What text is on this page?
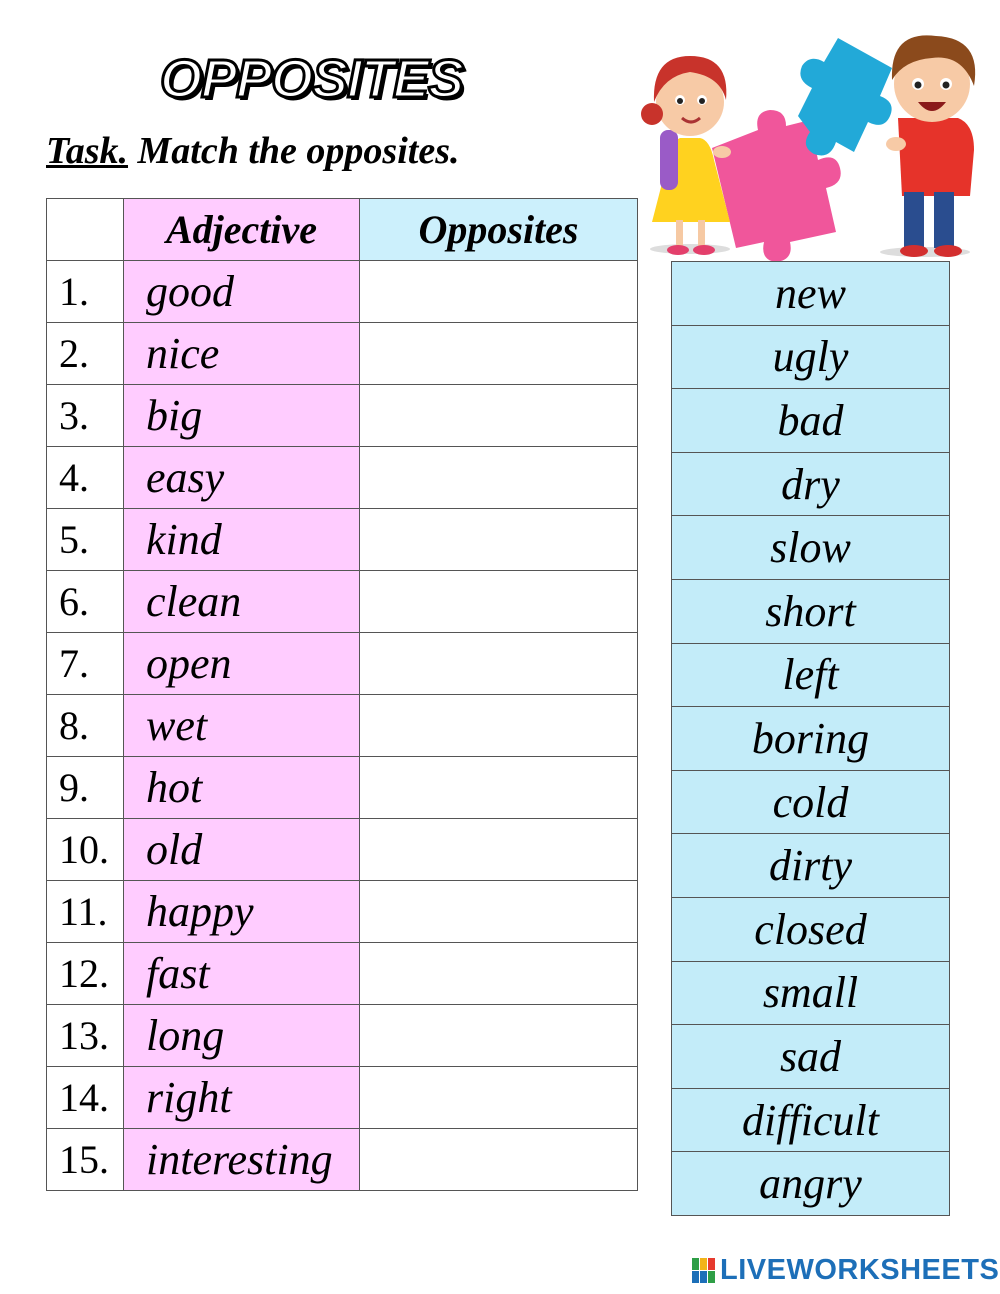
OPPOSITES
Task. Match the opposites.
	Adjective	Opposites
1.	good	
2.	nice	
3.	big	
4.	easy	
5.	kind	
6.	clean	
7.	open	
8.	wet	
9.	hot	
10.	old	
11.	happy	
12.	fast	
13.	long	
14.	right	
15.	interesting	
new
ugly
bad
dry
slow
short
left
boring
cold
dirty
closed
small
sad
difficult
angry
LIVEWORKSHEETS
